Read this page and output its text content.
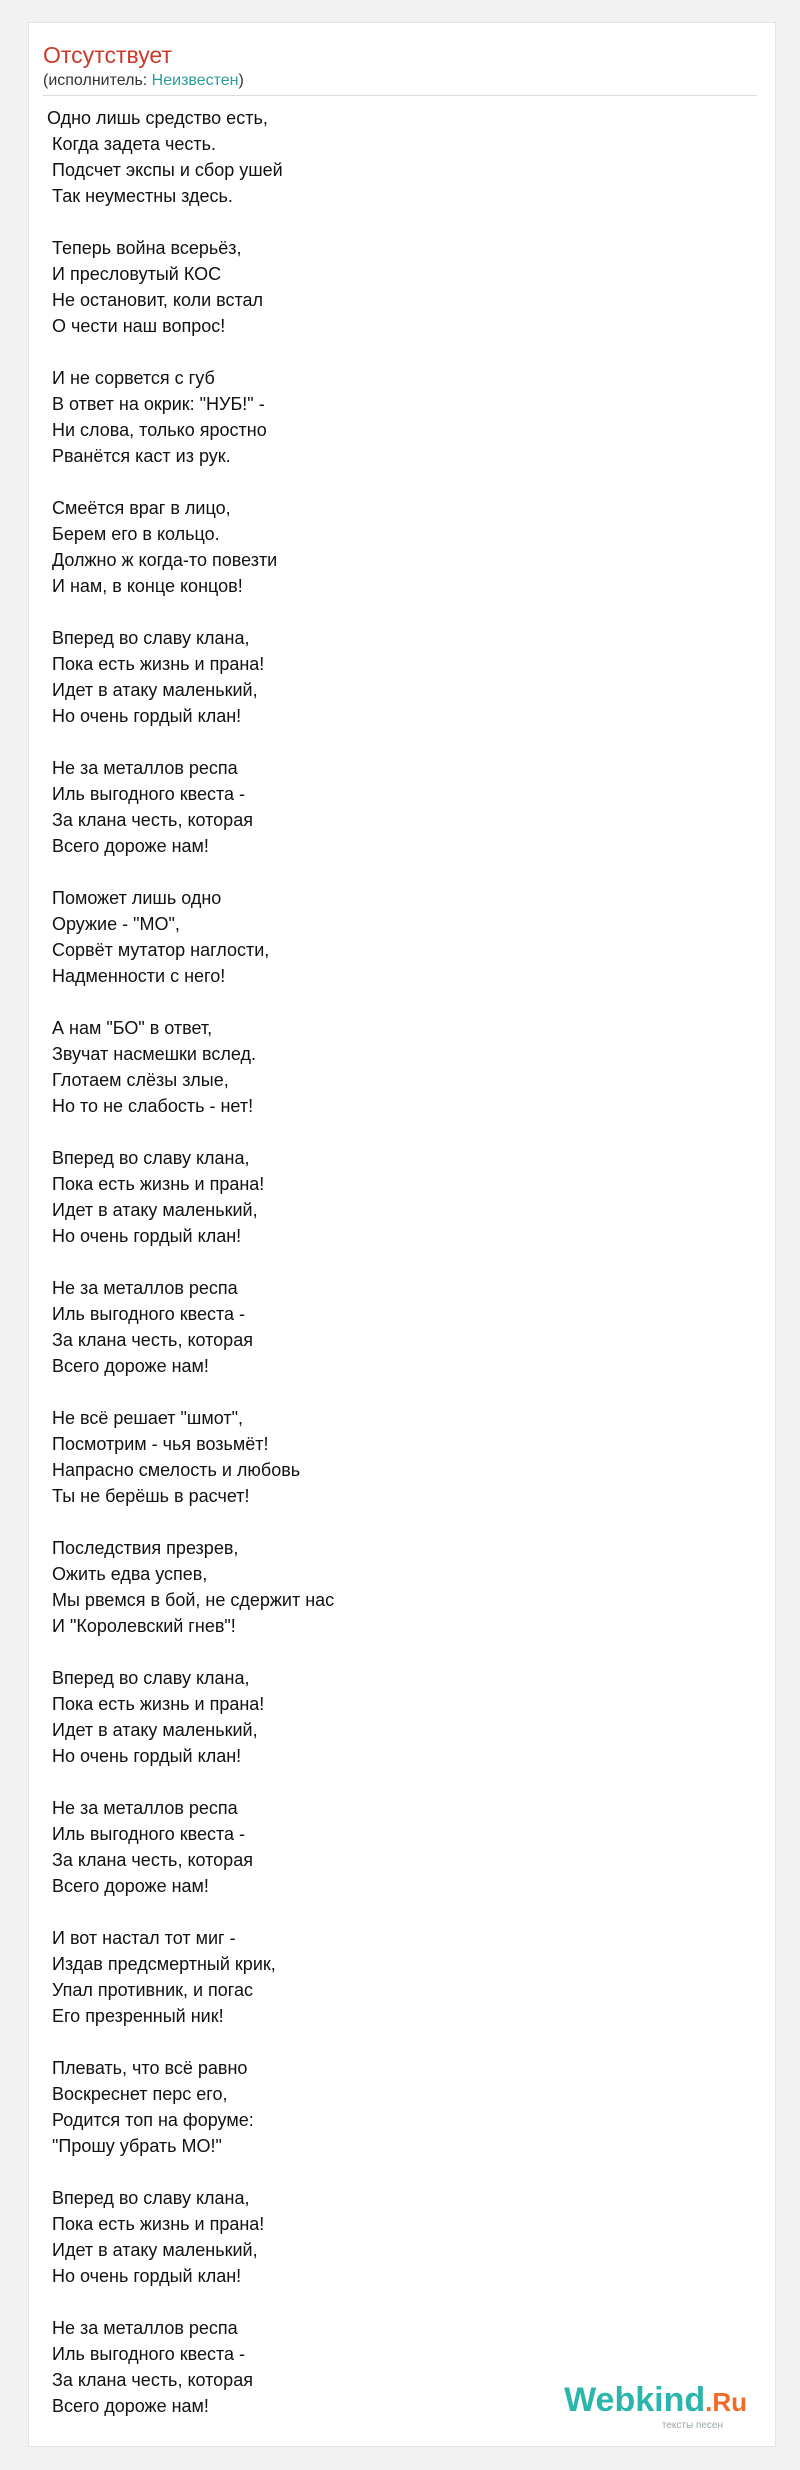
Отсутствует
(исполнитель: Неизвестен)
Одно лишь средство есть,
Когда задета честь.
Подсчет экспы и сбор ушей
Так неуместны здесь.
Теперь война всерьёз,
И пресловутый КОС
Не остановит, коли встал
О чести наш вопрос!
И не сорвется с губ
В ответ на окрик: "НУБ!" -
Ни слова, только яростно
Рванётся каст из рук.
Смеётся враг в лицо,
Берем его в кольцо.
Должно ж когда-то повезти
И нам, в конце концов!
Вперед во славу клана,
Пока есть жизнь и прана!
Идет в атаку маленький,
Но очень гордый клан!
Не за металлов респа
Иль выгодного квеста -
За клана честь, которая
Всего дороже нам!
Поможет лишь одно
Оружие - "МО",
Сорвёт мутатор наглости,
Надменности с него!
А нам "БО" в ответ,
Звучат насмешки вслед.
Глотаем слёзы злые,
Но то не слабость - нет!
Вперед во славу клана,
Пока есть жизнь и прана!
Идет в атаку маленький,
Но очень гордый клан!
Не за металлов респа
Иль выгодного квеста -
За клана честь, которая
Всего дороже нам!
Не всё решает "шмот",
Посмотрим - чья возьмёт!
Напрасно смелость и любовь
Ты не берёшь в расчет!
Последствия презрев,
Ожить едва успев,
Мы рвемся в бой, не сдержит нас
И "Королевский гнев"!
Вперед во славу клана,
Пока есть жизнь и прана!
Идет в атаку маленький,
Но очень гордый клан!
Не за металлов респа
Иль выгодного квеста -
За клана честь, которая
Всего дороже нам!
И вот настал тот миг -
Издав предсмертный крик,
Упал противник, и погас
Его презренный ник!
Плевать, что всё равно
Воскреснет перс его,
Родится топ на форуме:
"Прошу убрать МО!"
Вперед во славу клана,
Пока есть жизнь и прана!
Идет в атаку маленький,
Но очень гордый клан!
Не за металлов респа
Иль выгодного квеста -
За клана честь, которая
Всего дороже нам!	Webkind.Ru
тексты песен
